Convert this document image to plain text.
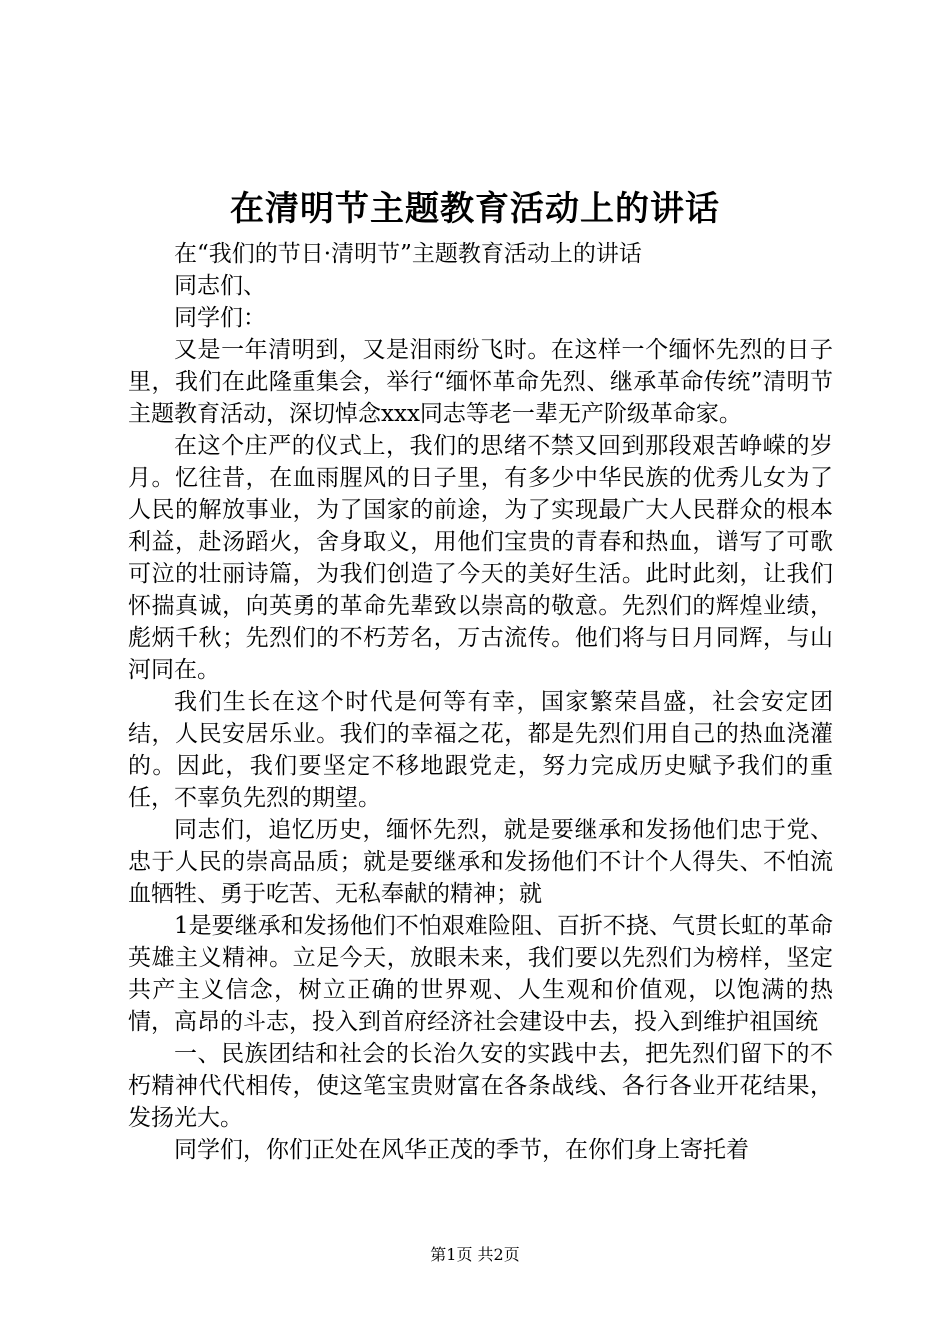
在清明节主题教育活动上的讲话

在“我们的节日·清明节”主题教育活动上的讲话

同志们、

同学们：

又是一年清明到，又是泪雨纷飞时。在这样一个缅怀先烈的日子里，我们在此隆重集会，举行“缅怀革命先烈、继承革命传统”清明节主题教育活动，深切悼念xxx同志等老一辈无产阶级革命家。

在这个庄严的仪式上，我们的思绪不禁又回到那段艰苦峥嵘的岁月。忆往昔，在血雨腥风的日子里，有多少中华民族的优秀儿女为了人民的解放事业，为了国家的前途，为了实现最广大人民群众的根本利益，赴汤蹈火，舍身取义，用他们宝贵的青春和热血，谱写了可歌可泣的壮丽诗篇，为我们创造了今天的美好生活。此时此刻，让我们怀揣真诚，向英勇的革命先辈致以崇高的敬意。先烈们的辉煌业绩，彪炳千秋；先烈们的不朽芳名，万古流传。他们将与日月同辉，与山河同在。

我们生长在这个时代是何等有幸，国家繁荣昌盛，社会安定团结，人民安居乐业。我们的幸福之花，都是先烈们用自己的热血浇灌的。因此，我们要坚定不移地跟党走，努力完成历史赋予我们的重任，不辜负先烈的期望。

同志们，追忆历史，缅怀先烈，就是要继承和发扬他们忠于党、忠于人民的崇高品质；就是要继承和发扬他们不计个人得失、不怕流血牺牲、勇于吃苦、无私奉献的精神；就

1是要继承和发扬他们不怕艰难险阻、百折不挠、气贯长虹的革命英雄主义精神。立足今天，放眼未来，我们要以先烈们为榜样，坚定共产主义信念，树立正确的世界观、人生观和价值观，以饱满的热情，高昂的斗志，投入到首府经济社会建设中去，投入到维护祖国统

一、民族团结和社会的长治久安的实践中去，把先烈们留下的不朽精神代代相传，使这笔宝贵财富在各条战线、各行各业开花结果，发扬光大。

同学们，你们正处在风华正茂的季节，在你们身上寄托着

第1页 共2页
